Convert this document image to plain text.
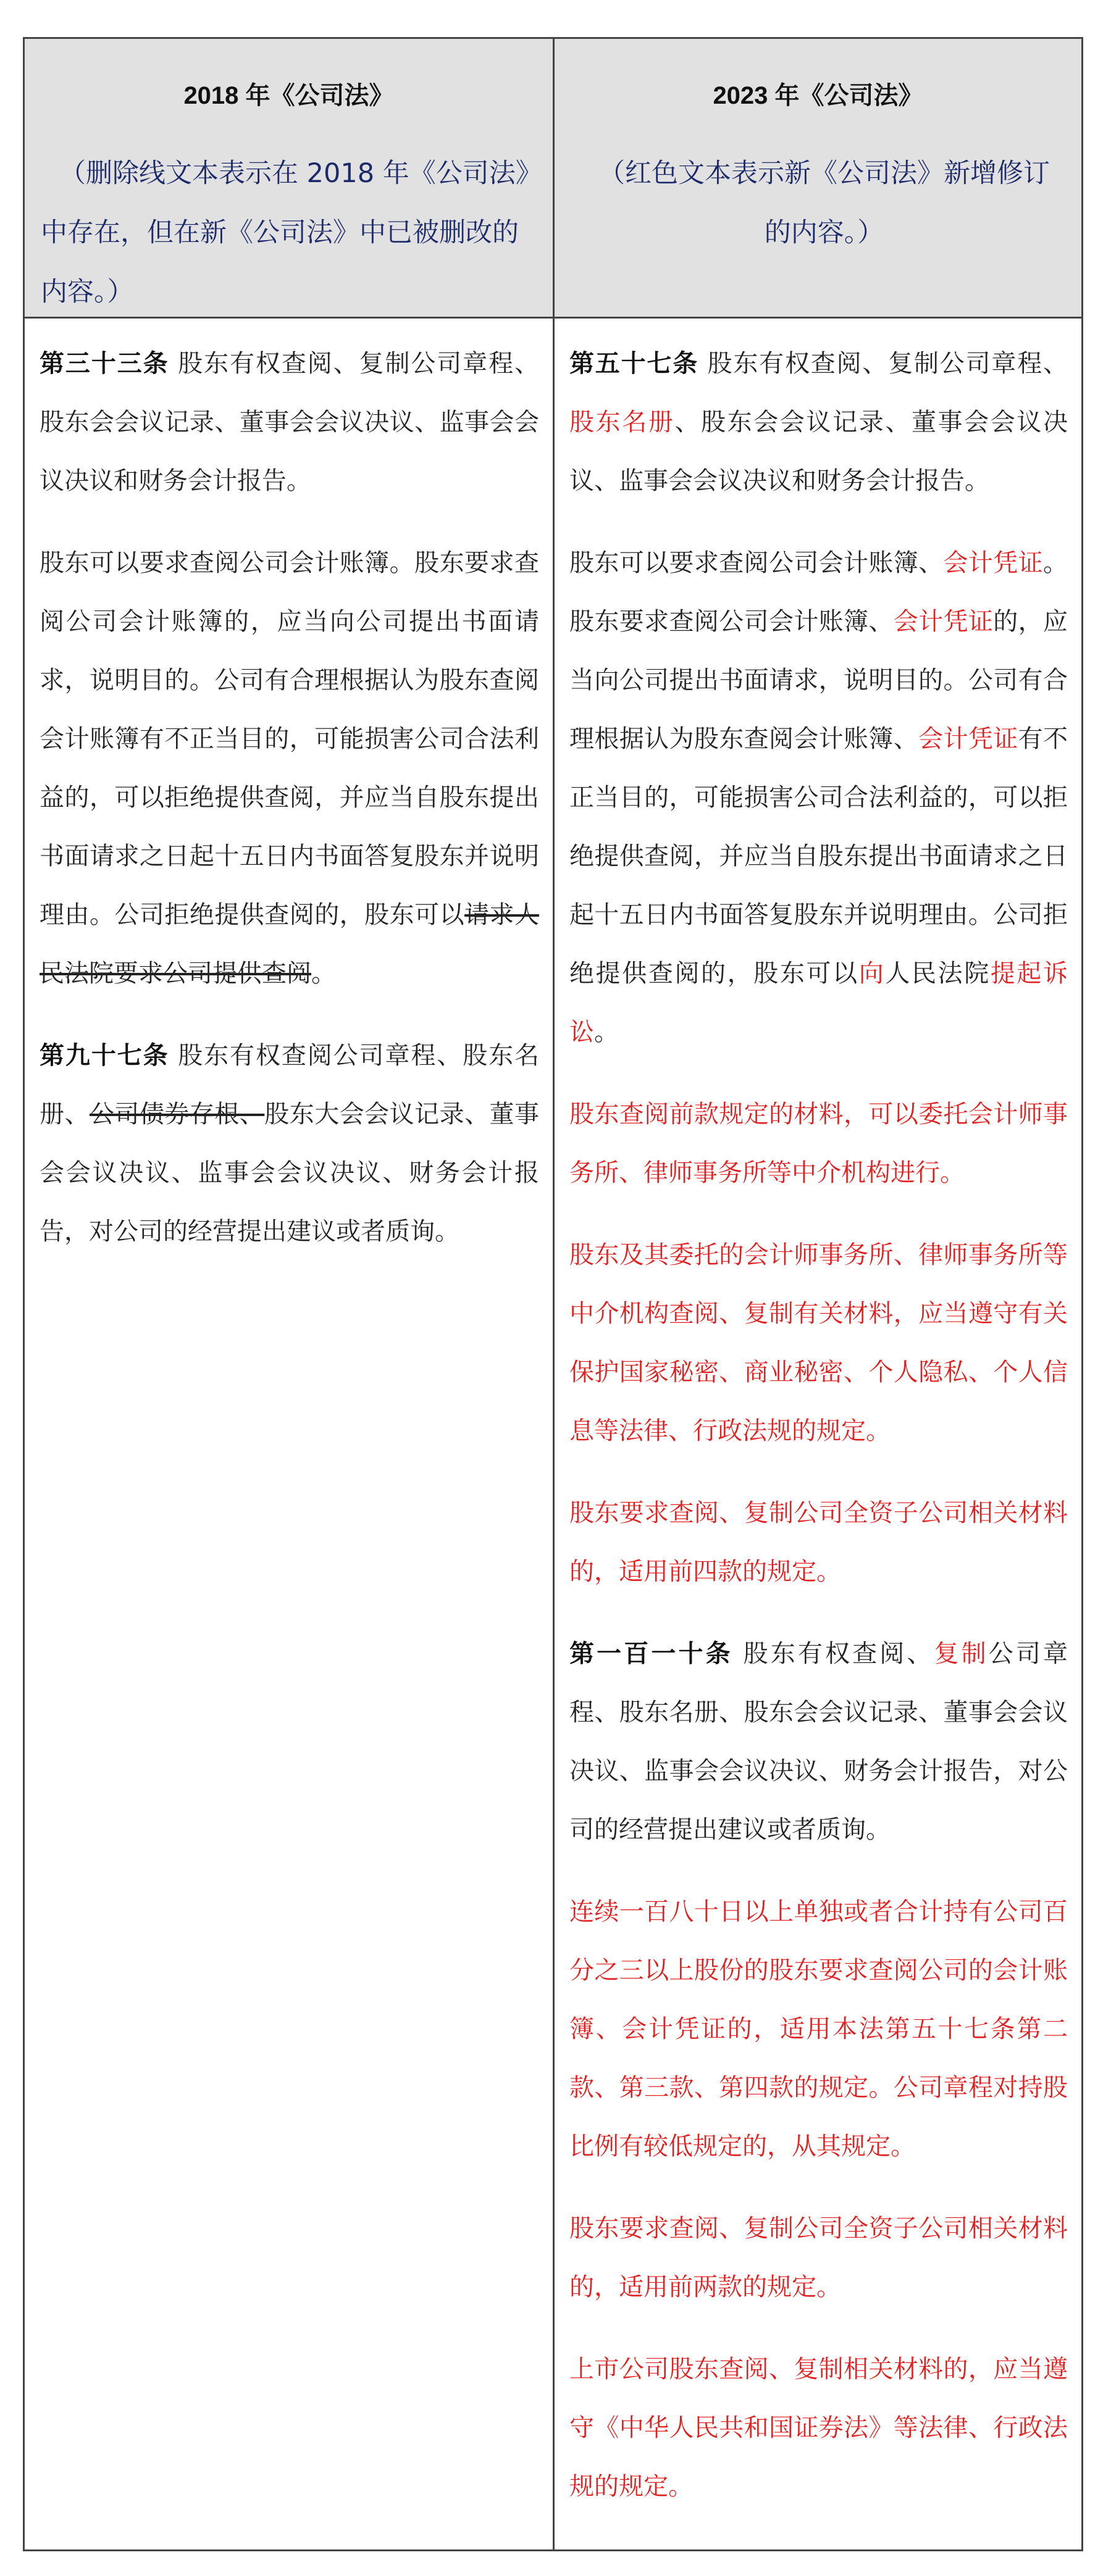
2018 年《公司法》
（删除线文本表示在 2018 年《公司法》中存在，但在新《公司法》中已被删改的内容。）
2023 年《公司法》
（红色文本表示新《公司法》新增修订的内容。）

第三十三条 股东有权查阅、复制公司章程、股东会会议记录、董事会会议决议、监事会会议决议和财务会计报告。

股东可以要求查阅公司会计账簿。股东要求查阅公司会计账簿的，应当向公司提出书面请求，说明目的。公司有合理根据认为股东查阅会计账簿有不正当目的，可能损害公司合法利益的，可以拒绝提供查阅，并应当自股东提出书面请求之日起十五日内书面答复股东并说明理由。公司拒绝提供查阅的，股东可以请求人民法院要求公司提供查阅。

第九十七条 股东有权查阅公司章程、股东名册、公司债券存根、股东大会会议记录、董事会会议决议、监事会会议决议、财务会计报告，对公司的经营提出建议或者质询。

第五十七条 股东有权查阅、复制公司章程、股东名册、股东会会议记录、董事会会议决议、监事会会议决议和财务会计报告。

股东可以要求查阅公司会计账簿、会计凭证。股东要求查阅公司会计账簿、会计凭证的，应当向公司提出书面请求，说明目的。公司有合理根据认为股东查阅会计账簿、会计凭证有不正当目的，可能损害公司合法利益的，可以拒绝提供查阅，并应当自股东提出书面请求之日起十五日内书面答复股东并说明理由。公司拒绝提供查阅的，股东可以向人民法院提起诉讼。

股东查阅前款规定的材料，可以委托会计师事务所、律师事务所等中介机构进行。

股东及其委托的会计师事务所、律师事务所等中介机构查阅、复制有关材料，应当遵守有关保护国家秘密、商业秘密、个人隐私、个人信息等法律、行政法规的规定。

股东要求查阅、复制公司全资子公司相关材料的，适用前四款的规定。

第一百一十条 股东有权查阅、复制公司章程、股东名册、股东会会议记录、董事会会议决议、监事会会议决议、财务会计报告，对公司的经营提出建议或者质询。

连续一百八十日以上单独或者合计持有公司百分之三以上股份的股东要求查阅公司的会计账簿、会计凭证的，适用本法第五十七条第二款、第三款、第四款的规定。公司章程对持股比例有较低规定的，从其规定。

股东要求查阅、复制公司全资子公司相关材料的，适用前两款的规定。

上市公司股东查阅、复制相关材料的，应当遵守《中华人民共和国证券法》等法律、行政法规的规定。
